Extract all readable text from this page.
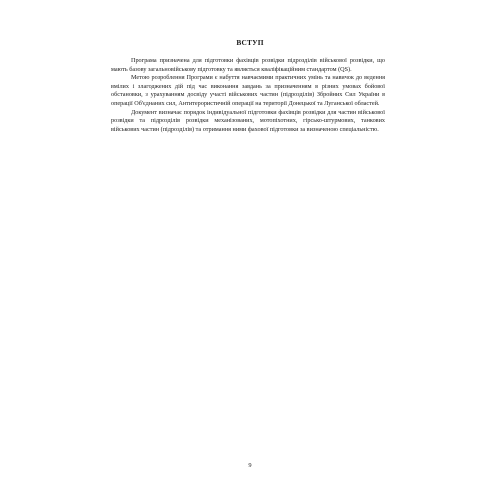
ВСТУП

Програма призначена для підготовки фахівців розвідки підрозділів військової розвідки, що мають базову загальновійськову підготовку та являється кваліфікаційним стандартом (QS).

Метою розроблення Програми є набуття навчаємими практичних умінь та навичок до ведення вмілих і злагоджених дій під час виконання завдань за призначенням в різних умовах бойової обстановки, з урахуванням досвіду участі військових частин (підрозділів) Збройних Сил України в операції Об'єднаних сил, Антитерористичній операції на території Донецької та Луганської областей.

Документ визначає порядок індивідуальної підготовки фахівців розвідки для частин військової розвідки та підрозділів розвідки механізованих, мотопіхотних, гірсько-штурмових, танкових військових частин (підрозділів) та отримання ними фахової підготовки за визначеною спеціальністю.

9
